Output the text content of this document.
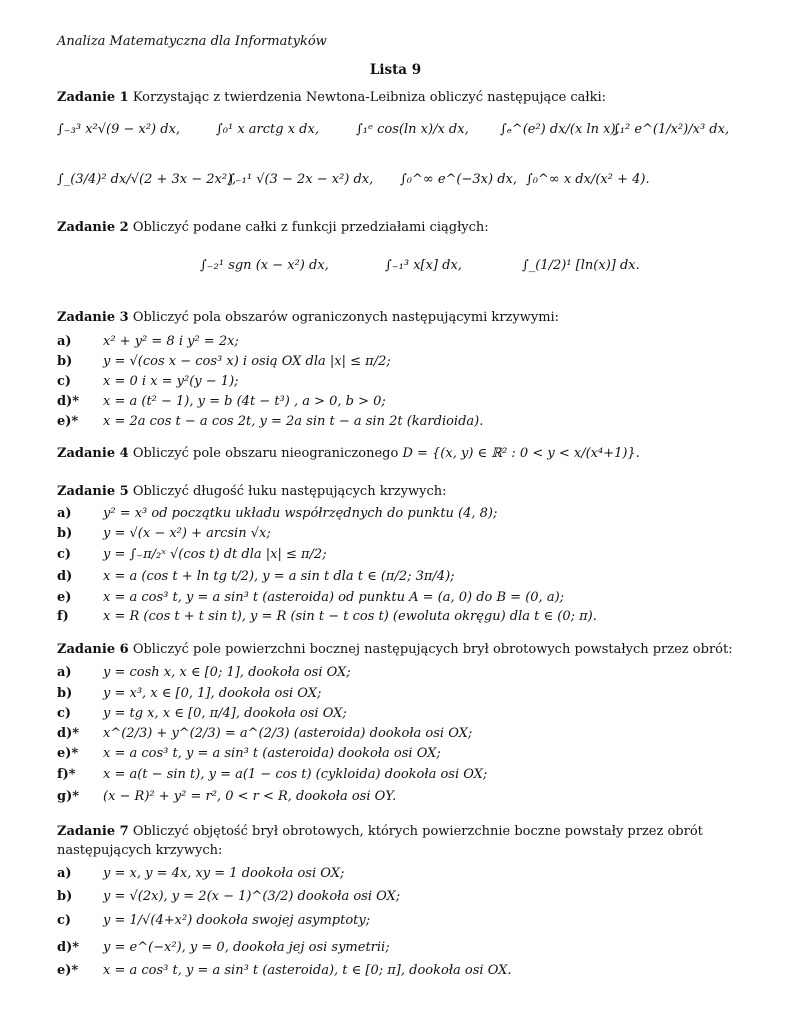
Analiza Matematyczna dla Informatyków
Lista 9
Zadanie 1 Korzystając z twierdzenia Newtona-Leibniza obliczyć następujące całki:
∫₋₃³ x²√(9 − x²) dx,	∫₀¹ x arctg x dx,	∫₁ᵉ cos(ln x)/x dx, ∫ₑ^(e²) dx/(x ln x),
∫₁² e^(1/x²)/x³ dx,
∫_(3/4)² dx/√(2 + 3x − 2x²),
∫₋₁¹ √(3 − 2x − x²) dx, ∫₀^∞ e^(−3x) dx, ∫₀^∞ x dx/(x² + 4).
Zadanie 2 Obliczyć podane całki z funkcji przedziałami ciągłych:
∫₋₂¹ sgn (x − x²) dx,	∫₋₁³ x[x] dx,	∫_(1/2)¹ [ln(x)] dx.
Zadanie 3 Obliczyć pola obszarów ograniczonych następującymi krzywymi:
a) x² + y² = 8 i y² = 2x;
b) y = √(cos x − cos³ x) i osią OX dla |x| ≤ π/2;
c) x = 0 i x = y²(y − 1);
d)* x = a (t² − 1), y = b (4t − t³) , a > 0, b > 0;
e)* x = 2a cos t − a cos 2t, y = 2a sin t − a sin 2t (kardioida).
Zadanie 4 Obliczyć pole obszaru nieograniczonego D = {(x, y) ∈ ℝ² : 0 < y < x/(x⁴+1)}.
Zadanie 5 Obliczyć długość łuku następujących krzywych:
a) y² = x³ od początku układu współrzędnych do punktu (4, 8);
b) y = √(x − x²) + arcsin √x;
c) y = ∫₋π/₂ˣ √(cos t) dt dla |x| ≤ π/2;
d) x = a (cos t + ln tg t/2), y = a sin t dla t ∈ (π/2; 3π/4);
e) x = a cos³ t, y = a sin³ t (asteroida) od punktu A = (a, 0) do B = (0, a);
f)	x = R (cos t + t sin t), y = R (sin t − t cos t) (ewoluta okręgu) dla t ∈ (0; π).
Zadanie 6 Obliczyć pole powierzchni bocznej następujących brył obrotowych powstałych przez obrót:
a) y = cosh x, x ∈ [0; 1], dookoła osi OX;
b) y = x³, x ∈ [0, 1], dookoła osi OX;
c) y = tg x, x ∈ [0, π/4], dookoła osi OX;
d)* x^(2/3) + y^(2/3) = a^(2/3) (asteroida) dookoła osi OX;
e)* x = a cos³ t, y = a sin³ t (asteroida) dookoła osi OX;
f)* x = a(t − sin t), y = a(1 − cos t) (cykloida) dookoła osi OX;
g)* (x − R)² + y² = r², 0 < r < R, dookoła osi OY.
Zadanie 7 Obliczyć objętość brył obrotowych, których powierzchnie boczne powstały przez obrót następujących krzywych:
a) y = x, y = 4x, xy = 1 dookoła osi OX;
b) y = √(2x), y = 2(x − 1)^(3/2) dookoła osi OX;
c) y = 1/√(4+x²) dookoła swojej asymptoty;
d)* y = e^(−x²), y = 0, dookoła jej osi symetrii;
e)* x = a cos³ t, y = a sin³ t (asteroida), t ∈ [0; π], dookoła osi OX.
